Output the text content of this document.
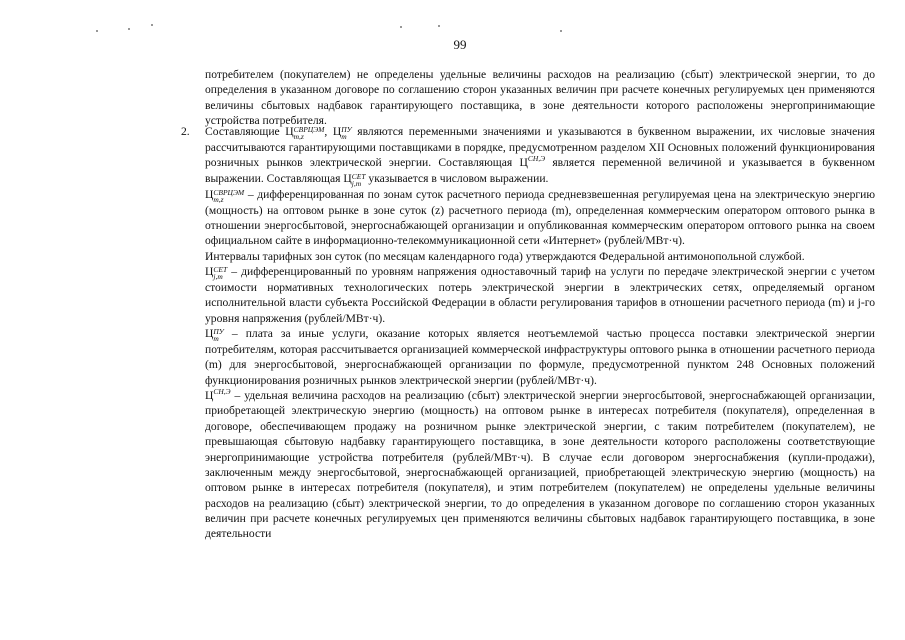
99
потребителем (покупателем) не определены удельные величины расходов на реализацию (сбыт) электрической энергии, то до определения в указанном договоре по соглашению сторон указанных величин при расчете конечных регулируемых цен применяются величины сбытовых надбавок гарантирующего поставщика, в зоне деятельности которого расположены энергопринимающие устройства потребителя.
2. Составляющие Ц СВРЦЭМ
m,z	, Ц ПУ
m являются переменными значениями и указываются в буквенном выражении, их числовые значения рассчитываются гарантирующими поставщиками в порядке, предусмотренном разделом XII Основных положений функционирования розничных рынков электрической энергии. Составляющая $Ц^{СН,Э}$ является переменной величиной и указывается в буквенном выражении. Составляющая Ц СЕТ
j,m указывается в числовом выражении.
Ц СВРЦЭМ
m,z	– дифференцированная по зонам суток расчетного периода средневзвешенная регулируемая цена на электрическую энергию (мощность) на оптовом рынке в зоне суток (z) расчетного периода (m), определенная коммерческим оператором оптового рынка в отношении энергосбытовой, энергоснабжающей организации и опубликованная коммерческим оператором оптового рынка на своем официальном сайте в информационно-телекоммуникационной сети «Интернет» (рублей/МВт·ч).
Интервалы тарифных зон суток (по месяцам календарного года) утверждаются Федеральной антимонопольной службой.
Ц СЕТ
j,m – дифференцированный по уровням напряжения одноставочный тариф на услуги по передаче электрической энергии с учетом стоимости нормативных технологических потерь электрической энергии в электрических сетях, определяемый органом исполнительной власти субъекта Российской Федерации в области регулирования тарифов в отношении расчетного периода (m) и j-го уровня напряжения (рублей/МВт·ч).
Ц ПУ
m	– плата за иные услуги, оказание которых является неотъемлемой частью процесса поставки электрической энергии потребителям, которая рассчитывается организацией коммерческой инфраструктуры оптового рынка в отношении расчетного периода (m) для энергосбытовой, энергоснабжающей организации по формуле, предусмотренной пунктом 248 Основных положений функционирования розничных рынков электрической энергии (рублей/МВт·ч).
$Ц^{СН,Э}$ – удельная величина расходов на реализацию (сбыт) электрической энергии энергосбытовой, энергоснабжающей организации, приобретающей электрическую энергию (мощность) на оптовом рынке в интересах потребителя (покупателя), определенная в договоре, обеспечивающем продажу на розничном рынке электрической энергии, с таким потребителем (покупателем), не превышающая сбытовую надбавку гарантирующего поставщика, в зоне деятельности которого расположены соответствующие энергопринимающие устройства потребителя (рублей/МВт·ч). В случае если договором энергоснабжения (купли-продажи), заключенным между энергосбытовой, энергоснабжающей организацией, приобретающей электрическую энергию (мощность) на оптовом рынке в интересах потребителя (покупателя), и этим потребителем (покупателем) не определены удельные величины расходов на реализацию (сбыт) электрической энергии, то до определения в указанном договоре по соглашению сторон указанных величин при расчете конечных регулируемых цен применяются величины сбытовых надбавок гарантирующего поставщика, в зоне деятельности
